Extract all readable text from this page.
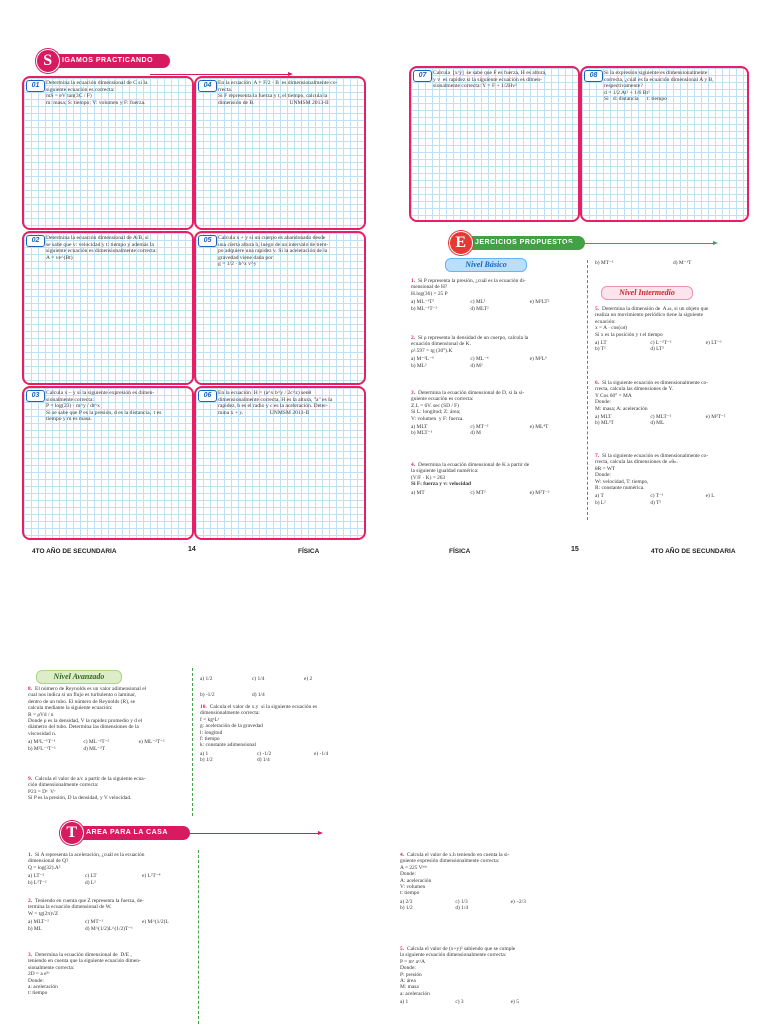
S	IGAMOS PRACTICANDO
01	Determina la ecuación dimensional de C si la
siguiente ecuación es correcta:
mS = eV tan(3C / F)
m: masa; S: tiempo; V: volumen y F: fuerza.
04	En la ecuación  A = F/2 · B  es dimensionalmente co-
rrecta.
Si F representa la fuerza y t, el tiempo, calcula la
dimensión de B.                         UNMSM 2013-II
02	Determina la ecuación dimensional de A/B, si
se sabe que v: velocidad y t: tiempo y además la
siguiente ecuación es dimensionalmente correcta:
A = ve^(Bt)
05	Calcula x + y si un cuerpo es abandonado desde
una cierta altura h, luego de un intervalo de tiem-
po adquiere una rapidez v. Si la aceleración de la
gravedad viene dada por
g = 1/2 · h^x v^y
03	Calcula x – y si la siguiente expresión es dimen-
sionalmente correcta:
P = log(23) · m^y / dt^x
Si se sabe que P es la presión, d es la distancia,  t es
tiempo y m es masa.
06	En la ecuación  H = (a^x b^y / 2c^z) senθ
dimensionalmente correcta, H es la altura, "a" es la
rapidez, b es el radio y c es la aceleración. Deter-
mina x + y.                   UNMSM 2013-II
4TO AÑO DE SECUNDARIA	14	FÍSICA
07	Calcula  [x/y]  se sabe que F es fuerza, H es altura,
y v  es rapidez si la siguiente ecuación es dimen-
sionalmente correcta: Y = F + 1/2Hv²
08	Si la expresión siguiente es dimensionalmente
correcta, ¿cuál es la ecuación dimensional A y B,
respectivamente?
d = 1/2 At² + 1/6 Bt³
Si   d: distancia      t: tiempo
E	JERCICIOS PROPUESTOS
Nivel Básico
1. Si P representa la presión, ¿cuál es la ecuación di-
mensional de H?
H.log(36) = 25 P
a) ML⁻¹T²	c) ML¹	e) M²LT²
b) ML⁻¹T⁻²	d) MLT²
2. Si ρ representa la densidad de un cuerpo, calcula la
ecuación dimensional de K.
ρ².597 = tg (30°).K
a) M⁻²L⁻⁶	c) ML⁻⁶	e) M²L⁶
b) ML²	d) M²
3. Determina la ecuación dimensional de D, si la si-
guiente ecuación es correcta:
Z.L = 6V. sec (SD / F)
Si L: longitud; Z: área;
V: volumen  y F: fuerza.
a) MLT	c) MT⁻²	e) ML⁴T
b) MLT⁻¹	d) M
4. Determina la ecuación dimensional de K a partir de
la siguiente igualdad numérica:
(V/F · K) = 263
Si F: fuerza y v: velocidad
a) MT	c) MT²	e) M²T⁻²
b) MT⁻¹	d) M⁻¹T
Nivel Intermedio
5. Determina la dimensión de  A.ω, si un objeto que
realiza un movimiento periódico tiene la siguiente
ecuación:
x = A · cos(ωt)
Si x es la posición y t el tiempo
a) LT	c) L⁻²T⁻²	e) LT⁻¹
b) T²	d) LT²
6. Si la siguiente ecuación es dimensionalmente co-
rrecta, calcula las dimensiones de Y.
Y Cos 60° = MA
Donde:
M: masa; A: aceleración
a) MLT	c) MLT⁻²	e) M²T⁻²
b) ML²T	d) ML
7. Si la siguiente ecuación es dimensionalmente co-
rrecta, calcula las dimensiones de «θ».
θR = WT
Donde:
W: velocidad, T: tiempo,
R: constante numérica.
a) T	c) T⁻¹	e) L
b) L²	d) T²
FÍSICA	15	4TO AÑO DE SECUNDARIA
Nivel Avanzado
8. El número de Reynolds es un valor adimensional el
cual nos indica si un flujo es turbulento o laminar,
dentro de un tubo. El número de Reynolds (R), se
calcula mediante la siguiente ecuación:
R = ρVd / n
Donde ρ es la densidad, V la rapidez promedio y d el
diámetro del tubo. Determina las dimensiones de la
viscosidad n.
a) M²L⁻¹T⁻¹	c) ML⁻²T⁻²	e) ML⁻²T⁻²
b) M²L⁻¹T⁻¹	d) ML⁻²T
9. Calcula el valor de a/c a partir de la siguiente ecua-
ción dimensionalmente correcta:
P23 = Dᵃ  Vᶜ
Si P es la presión, D la densidad, y V velocidad.
a) 1/2	c) 1/4	e) 2
b) -1/2	d) 1/4
10. Calcula el valor de x.y  si la siguiente ecuación es
dimensionalmente correcta:
f = kgˣLʸ
g: aceleración de la gravedad
l: longitud
f: tiempo
k: constante adimensional
a) 1	c) -1/2	e) -1/4
b) 1/2	d) 1/4
T	AREA PARA LA CASA
1. Si A representa la aceleración, ¿cuál es la ecuación
dimensional de Q?
Q = log(32).A²
a) LT⁻²	c) LT	e) L²T⁻⁴
b) L²T⁻²	d) L²
2. Teniendo en cuenta que Z representa la fuerza, de-
termina la ecuación dimensional de W.
W = tg(2π)√Z
a) MLT⁻²	c) MT⁻¹	e) M^(1/2)L
b) ML	d) M^(1/2)L^(1/2)T⁻¹
3. Determina la ecuación dimensional de  D/E ,
teniendo en cuenta que la siguiente ecuación dimen-
sionalmente correcta:
2D = a eᴱᵗ
Donde:
a: aceleración
t: tiempo
4. Calcula el valor de x.h teniendo en cuenta la si-
guiente expresión dimensionalmente correcta:
A = 225 Vᵏᵗʰ
Donde:
A: aceleración
V: volumen
t: tiempo
a) 2/3	c) 1/3	e) –2/3
b) 1/2	d) 1/4
5. Calcula el valor de (x+y)² sabiendo que se cumple
la siguiente ecuación dimensionalmente correcta:
P = mˣ aʸ/A
Donde:
P: presión
A: área
M: masa
a: aceleración
a) 1	c) 3	e) 5
